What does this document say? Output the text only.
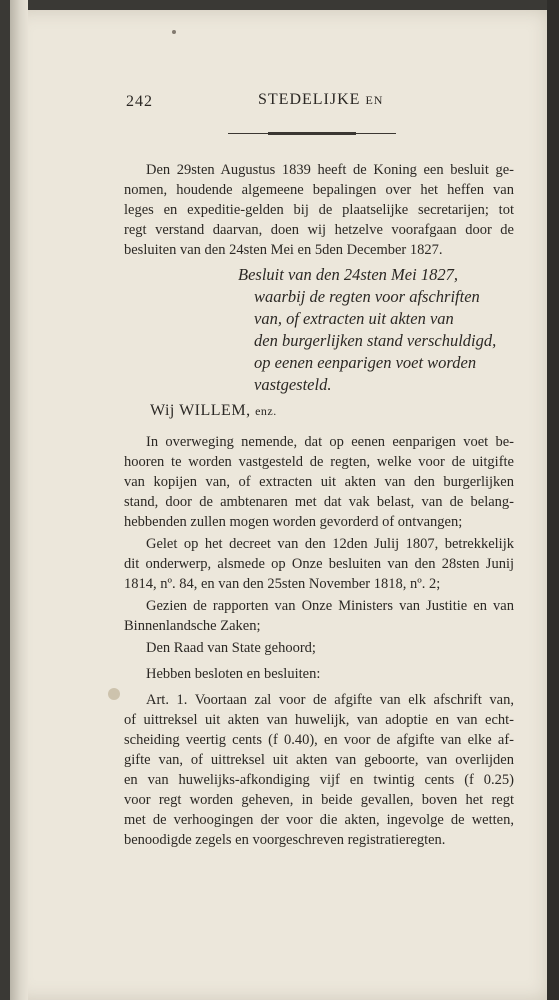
242	STEDELIJKE EN
Den 29sten Augustus 1839 heeft de Koning een besluit ge-
nomen, houdende algemeene bepalingen over het heffen van
leges en expeditie-gelden bij de plaatselijke secretarijen; tot
regt verstand daarvan, doen wij hetzelve voorafgaan door de
besluiten van den 24sten Mei en 5den December 1827.
Besluit van den 24sten Mei 1827,
waarbij de regten voor afschriften
van, of extracten uit akten van
den burgerlijken stand verschuldigd,
op eenen eenparigen voet worden
vastgesteld.
Wij WILLEM, enz.
In overweging nemende, dat op eenen eenparigen voet be-
hooren te worden vastgesteld de regten, welke voor de uitgifte
van kopijen van, of extracten uit akten van den burgerlijken
stand, door de ambtenaren met dat vak belast, van de belang-
hebbenden zullen mogen worden gevorderd of ontvangen;
Gelet op het decreet van den 12den Julij 1807, betrekkelijk
dit onderwerp, alsmede op Onze besluiten van den 28sten Junij
1814, nº. 84, en van den 25sten November 1818, nº. 2;
Gezien de rapporten van Onze Ministers van Justitie en van
Binnenlandsche Zaken;
Den Raad van State gehoord;
Hebben besloten en besluiten:
Art. 1. Voortaan zal voor de afgifte van elk afschrift van,
of uittreksel uit akten van huwelijk, van adoptie en van echt-
scheiding veertig cents (f 0.40), en voor de afgifte van elke af-
gifte van, of uittreksel uit akten van geboorte, van overlijden
en van huwelijks-afkondiging vijf en twintig cents (f 0.25)
voor regt worden geheven, in beide gevallen, boven het regt
met de verhoogingen der voor die akten, ingevolge de wetten,
benoodigde zegels en voorgeschreven registratieregten.
